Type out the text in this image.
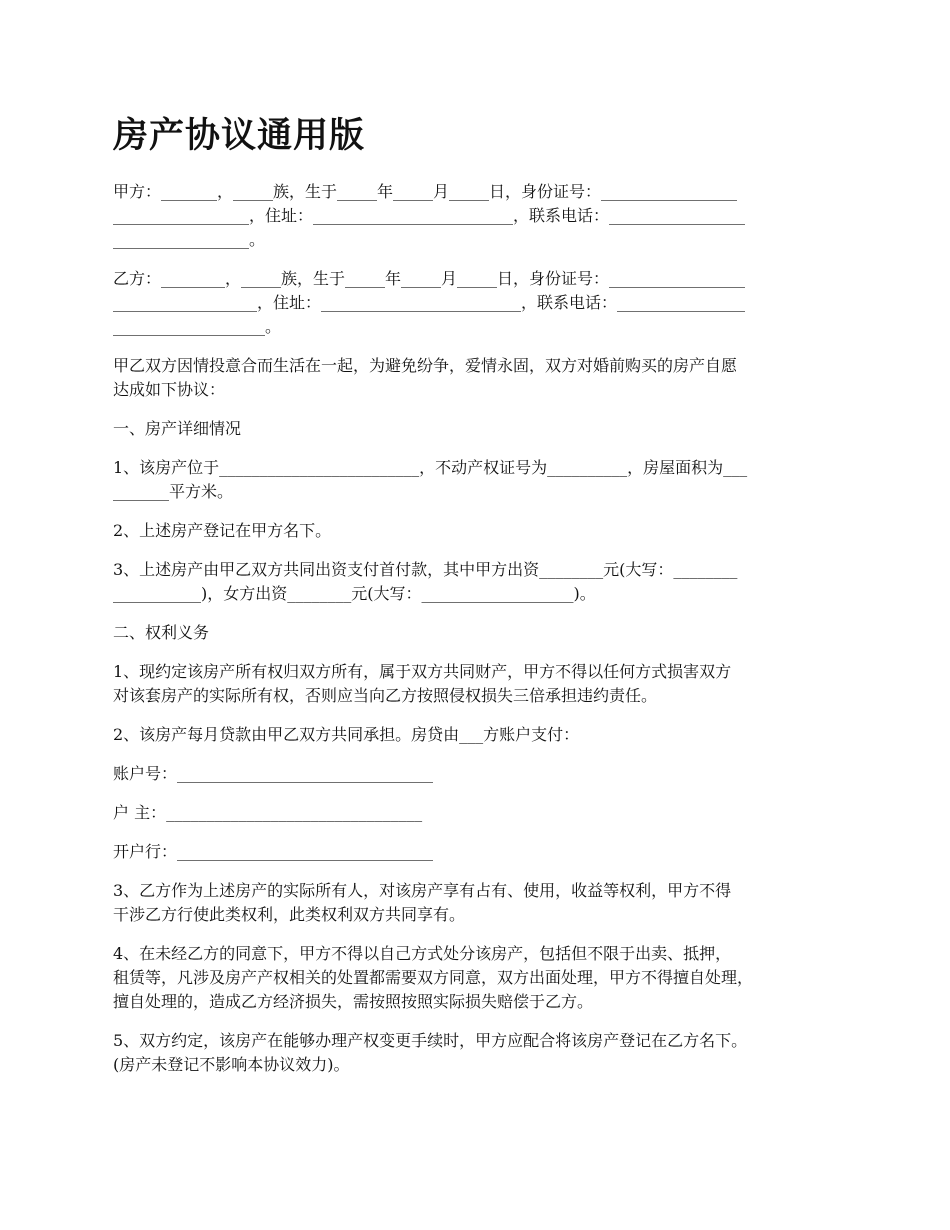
房产协议通用版

甲方：_______，_____族，生于_____年_____月_____日，身份证号：_________________
_________________，住址：_________________________，联系电话：_________________
_________________。

乙方：________，_____族，生于_____年_____月_____日，身份证号：_________________
__________________，住址：_________________________，联系电话：________________
___________________。

甲乙双方因情投意合而生活在一起，为避免纷争，爱情永固，双方对婚前购买的房产自愿
达成如下协议：

一、房产详细情况

1、该房产位于_________________________，不动产权证号为__________，房屋面积为___
_______平方米。

2、上述房产登记在甲方名下。

3、上述房产由甲乙双方共同出资支付首付款，其中甲方出资________元(大写：________
___________)，女方出资________元(大写：___________________)。

二、权利义务

1、现约定该房产所有权归双方所有，属于双方共同财产，甲方不得以任何方式损害双方
对该套房产的实际所有权，否则应当向乙方按照侵权损失三倍承担违约责任。

2、该房产每月贷款由甲乙双方共同承担。房贷由___方账户支付：

账户号：________________________________

户 主：________________________________

开户行：________________________________

3、乙方作为上述房产的实际所有人，对该房产享有占有、使用，收益等权利，甲方不得
干涉乙方行使此类权利，此类权利双方共同享有。

4、在未经乙方的同意下，甲方不得以自己方式处分该房产，包括但不限于出卖、抵押，
租赁等，凡涉及房产产权相关的处置都需要双方同意，双方出面处理，甲方不得擅自处理，
擅自处理的，造成乙方经济损失，需按照按照实际损失赔偿于乙方。

5、双方约定，该房产在能够办理产权变更手续时，甲方应配合将该房产登记在乙方名下。
(房产未登记不影响本协议效力)。
